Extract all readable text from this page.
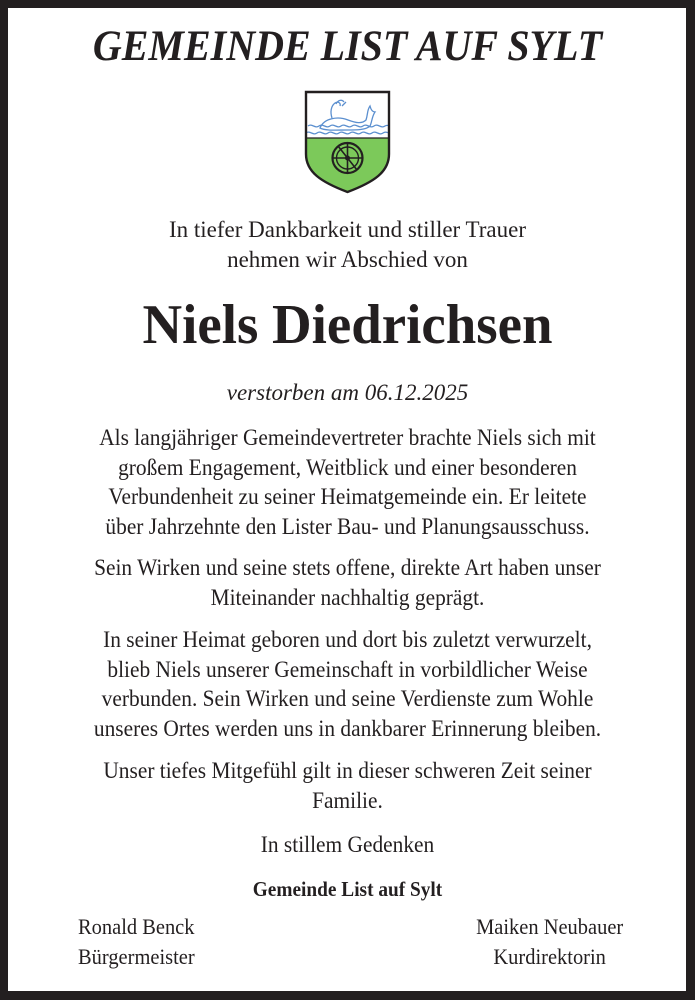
GEMEINDE LIST AUF SYLT
In tiefer Dankbarkeit und stiller Trauer
nehmen wir Abschied von
Niels Diedrichsen
verstorben am 06.12.2025
Als langjähriger Gemeindevertreter brachte Niels sich mit
großem Engagement, Weitblick und einer besonderen
Verbundenheit zu seiner Heimatgemeinde ein. Er leitete
über Jahrzehnte den Lister Bau- und Planungsausschuss.
Sein Wirken und seine stets offene, direkte Art haben unser
Miteinander nachhaltig geprägt.
In seiner Heimat geboren und dort bis zuletzt verwurzelt,
blieb Niels unserer Gemeinschaft in vorbildlicher Weise
verbunden. Sein Wirken und seine Verdienste zum Wohle
unseres Ortes werden uns in dankbarer Erinnerung bleiben.
Unser tiefes Mitgefühl gilt in dieser schweren Zeit seiner
Familie.
In stillem Gedenken
Gemeinde List auf Sylt
Ronald Benck
Bürgermeister
Maiken Neubauer
Kurdirektorin
